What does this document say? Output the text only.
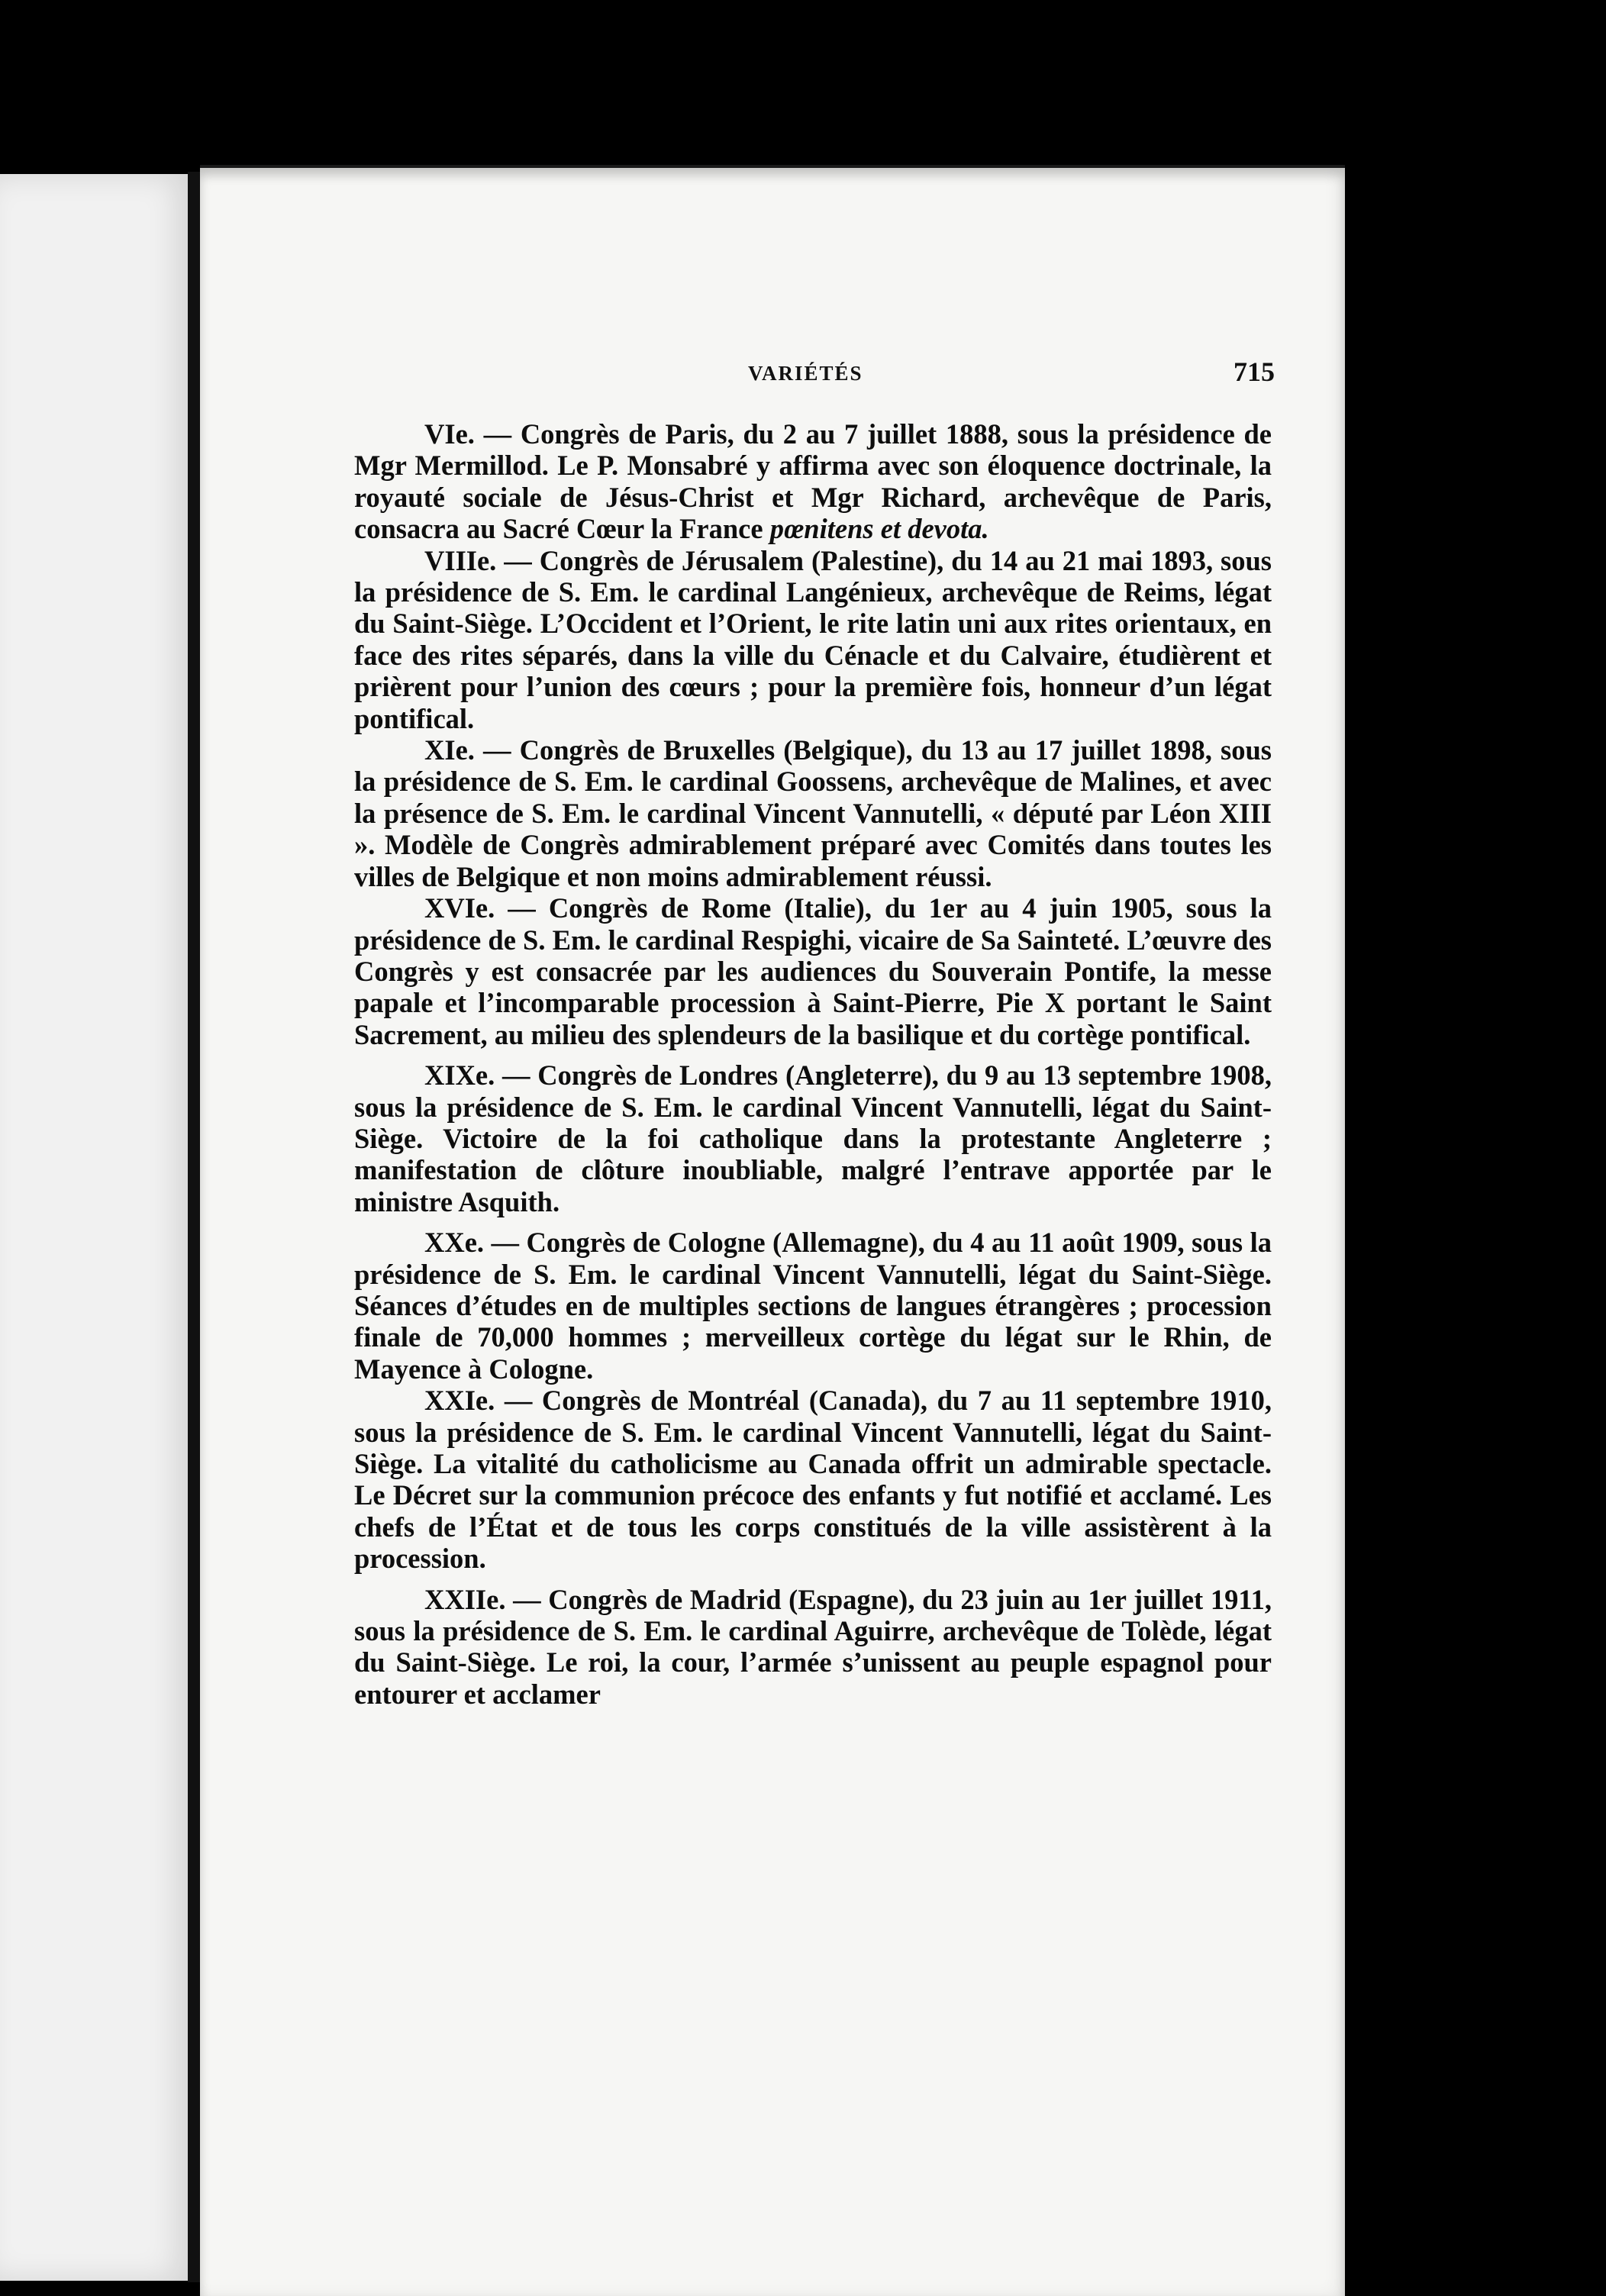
VARIÉTÉS	715

VIe. — Congrès de Paris, du 2 au 7 juillet 1888, sous la présidence de Mgr Mermillod. Le P. Monsabré y affirma avec son éloquence doctrinale, la royauté sociale de Jésus-Christ et Mgr Richard, archevêque de Paris, consacra au Sacré Cœur la France pœnitens et devota.

VIIIe. — Congrès de Jérusalem (Palestine), du 14 au 21 mai 1893, sous la présidence de S. Em. le cardinal Langénieux, archevêque de Reims, légat du Saint-Siège. L’Occident et l’Orient, le rite latin uni aux rites orientaux, en face des rites séparés, dans la ville du Cénacle et du Calvaire, étudièrent et prièrent pour l’union des cœurs ; pour la première fois, honneur d’un légat pontifical.

XIe. — Congrès de Bruxelles (Belgique), du 13 au 17 juillet 1898, sous la présidence de S. Em. le cardinal Goossens, archevêque de Malines, et avec la présence de S. Em. le cardinal Vincent Vannutelli, « député par Léon XIII ». Modèle de Congrès admirablement préparé avec Comités dans toutes les villes de Belgique et non moins admirablement réussi.

XVIe. — Congrès de Rome (Italie), du 1er au 4 juin 1905, sous la présidence de S. Em. le cardinal Respighi, vicaire de Sa Sainteté. L’œuvre des Congrès y est consacrée par les audiences du Souverain Pontife, la messe papale et l’incomparable procession à Saint-Pierre, Pie X portant le Saint Sacrement, au milieu des splendeurs de la basilique et du cortège pontifical.

XIXe. — Congrès de Londres (Angleterre), du 9 au 13 septembre 1908, sous la présidence de S. Em. le cardinal Vincent Vannutelli, légat du Saint-Siège. Victoire de la foi catholique dans la protestante Angleterre ; manifestation de clôture inoubliable, malgré l’entrave apportée par le ministre Asquith.

XXe. — Congrès de Cologne (Allemagne), du 4 au 11 août 1909, sous la présidence de S. Em. le cardinal Vincent Vannutelli, légat du Saint-Siège. Séances d’études en de multiples sections de langues étrangères ; procession finale de 70,000 hommes ; merveilleux cortège du légat sur le Rhin, de Mayence à Cologne.

XXIe. — Congrès de Montréal (Canada), du 7 au 11 septembre 1910, sous la présidence de S. Em. le cardinal Vincent Vannutelli, légat du Saint-Siège. La vitalité du catholicisme au Canada offrit un admirable spectacle. Le Décret sur la communion précoce des enfants y fut notifié et acclamé. Les chefs de l’État et de tous les corps constitués de la ville assistèrent à la procession.

XXIIe. — Congrès de Madrid (Espagne), du 23 juin au 1er juillet 1911, sous la présidence de S. Em. le cardinal Aguirre, archevêque de Tolède, légat du Saint-Siège. Le roi, la cour, l’armée s’unissent au peuple espagnol pour entourer et acclamer
